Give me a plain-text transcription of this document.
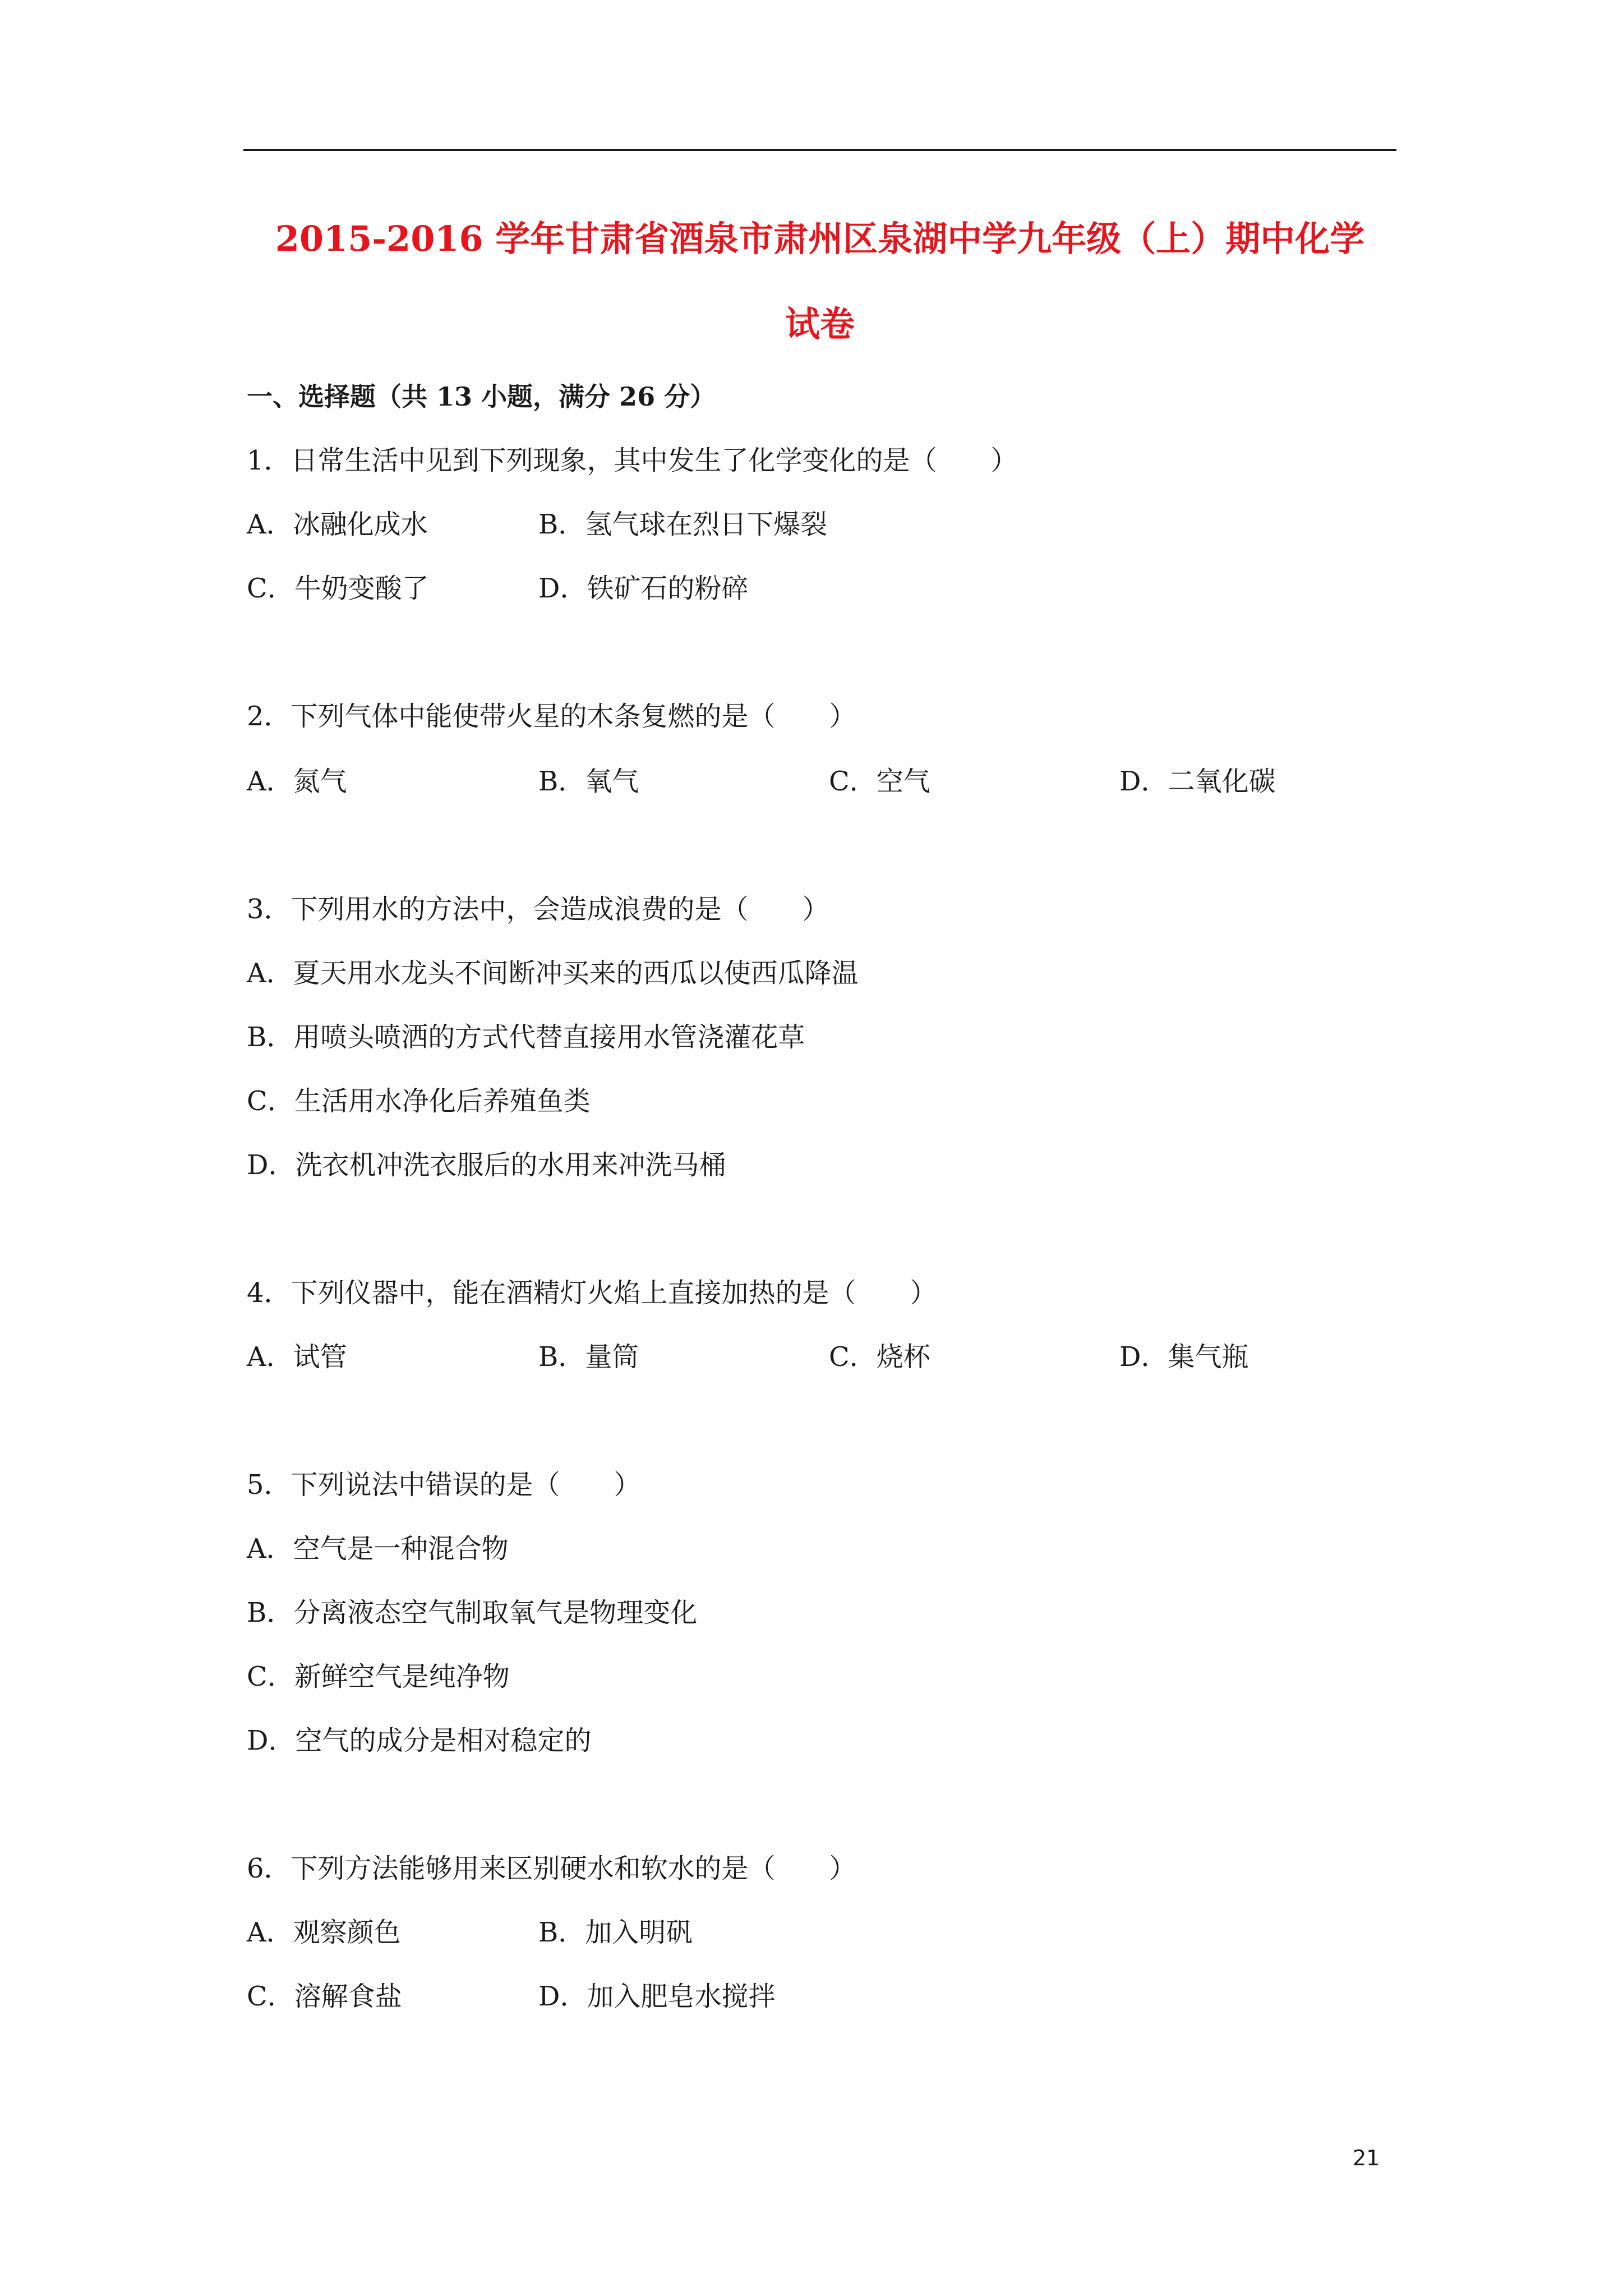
2015-2016 学年甘肃省酒泉市肃州区泉湖中学九年级（上）期中化学
试卷
一、选择题（共 13 小题，满分 26 分）
1．日常生活中见到下列现象，其中发生了化学变化的是（　　）
A．冰融化成水	B．氢气球在烈日下爆裂
C．牛奶变酸了	D．铁矿石的粉碎
2．下列气体中能使带火星的木条复燃的是（　　）
A．氮气	B．氧气	C．空气	D．二氧化碳
3．下列用水的方法中，会造成浪费的是（　　）
A．夏天用水龙头不间断冲买来的西瓜以使西瓜降温
B．用喷头喷洒的方式代替直接用水管浇灌花草
C．生活用水净化后养殖鱼类
D．洗衣机冲洗衣服后的水用来冲洗马桶
4．下列仪器中，能在酒精灯火焰上直接加热的是（　　）
A．试管	B．量筒	C．烧杯	D．集气瓶
5．下列说法中错误的是（　　）
A．空气是一种混合物
B．分离液态空气制取氧气是物理变化
C．新鲜空气是纯净物
D．空气的成分是相对稳定的
6．下列方法能够用来区别硬水和软水的是（　　）
A．观察颜色	B．加入明矾
C．溶解食盐	D．加入肥皂水搅拌
21
